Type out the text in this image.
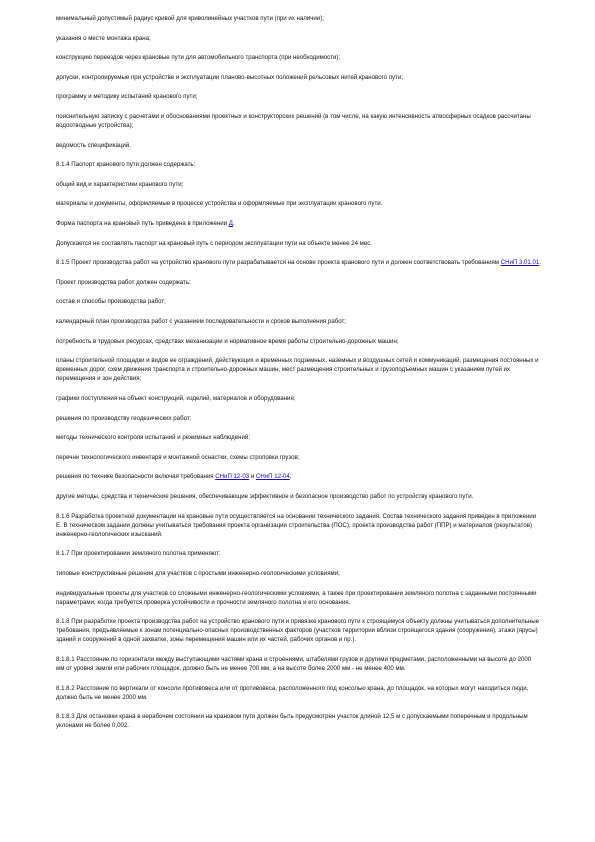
минимальный допустимый радиус кривой для криволинейных участков пути (при их наличии);

указания о месте монтажа крана;

конструкцию переездов через крановые пути для автомобильного транспорта (при необходимости);

допуски, контролируемые при устройстве и эксплуатации планово-высотных положений рельсовых нитей кранового пути;

программу и методику испытаний кранового пути;

пояснительную записку с расчетами и обоснованиями проектных и конструкторских решений (в том числе, на какую интенсивность атмосферных осадков рассчитаны водоотводные устройства);

ведомость спецификаций.

8.1.4 Паспорт кранового пути должен содержать:

общий вид и характеристики кранового пути;

материалы и документы, оформляемые в процессе устройства и оформляемые при эксплуатации кранового пути.

Форма паспорта на крановый путь приведена в приложении Д.

Допускается не составлять паспорт на крановый путь с периодом эксплуатации пути на объекте менее 24 мес.

8.1.5 Проект производства работ на устройство кранового пути разрабатывается на основе проекта кранового пути и должен соответствовать требованиям СНиП 3.01.01.

Проект производства работ должен содержать:

состав и способы производства работ;

календарный план производства работ с указанием последовательности и сроков выполнения работ;

потребность в трудовых ресурсах, средствах механизации и нормативное время работы строительно-дорожных машин;

планы строительной площадки и видов ее ограждений, действующих и временных подземных, наземных и воздушных сетей и коммуникаций, размещения постоянных и временных дорог, схем движения транспорта и строительно-дорожных машин, мест размещения строительных и грузоподъемных машин с указанием путей их перемещения и зон действия;

графики поступления на объект конструкций, изделий, материалов и оборудования;

решения по производству геодезических работ;

методы технического контроля испытаний и режимных наблюдений;

перечни технологического инвентаря и монтажной оснастки, схемы строповки грузов;

решения по технике безопасности включая требования СНиП 12-03 и СНиП 12-04;

другие методы, средства и технические решения, обеспечивающие эффективное и безопасное производство работ по устройству кранового пути.

8.1.6 Разработка проектной документации на крановые пути осуществляется на основании технического задания. Состав технического задания приведен в приложении Е. В техническом задании должны учитываться требования проекта организации строительства (ПОС), проекта производства работ (ППР) и материалов (результатов) инженерно-геологических изысканий.

8.1.7 При проектировании земляного полотна применяют:

типовые конструктивные решения для участков с простыми инженерно-геологическими условиями;

индивидуальные проекты для участков со сложными инженерно-геологическими условиями, а также при проектировании земляного полотна с заданными постоянными параметрами, когда требуется проверка устойчивости и прочности земляного полотна и его основания.

8.1.8 При разработке проекта производства работ на устройство кранового пути и привязке кранового пути к строящемуся объекту должны учитываться дополнительные требования, предъявляемые к зонам потенциально-опасных производственных факторов (участков территории вблизи строящегося здания (сооружения), этажи (ярусы) зданий и сооружений в одной захватке, зоны перемещения машин или их частей, рабочих органов и пр.).

8.1.8.1 Расстояние по горизонтали между выступающими частями крана и строениями, штабелями грузов и другими предметами, расположенными на высоте до 2000 мм от уровня земли или рабочих площадок, должно быть не менее 700 мм, а на высоте более 2000 мм - не менее 400 мм.

8.1.8.2 Расстояние по вертикали от консоли противовеса или от противовеса, расположенного под консолью крана, до площадок, на которых могут находиться люди, должно быть не менее 2000 мм.

8.1.8.3 Для остановки крана в нерабочем состоянии на крановом пути должен быть предусмотрен участок длиной 12,5 м с допускаемыми поперечным и продольным уклонами не более 0,002.
